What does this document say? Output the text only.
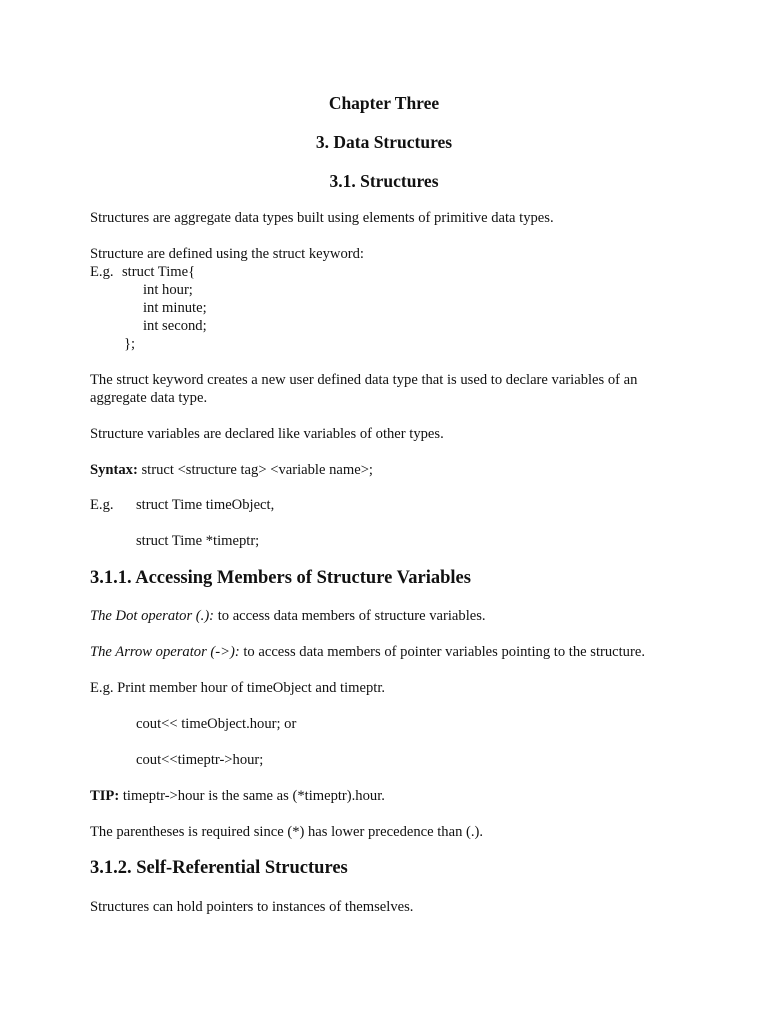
Chapter Three
3. Data Structures
3.1. Structures
Structures are aggregate data types built using elements of primitive data types.
Structure are defined using the struct keyword:
E.g. struct Time{
int hour;
int minute;
int second;
};
The struct keyword creates a new user defined data type that is used to declare variables of an
aggregate data type.
Structure variables are declared like variables of other types.
Syntax: struct <structure tag> <variable name>;
E.g. struct Time timeObject,
struct Time *timeptr;
3.1.1. Accessing Members of Structure Variables
The Dot operator (.): to access data members of structure variables.
The Arrow operator (->): to access data members of pointer variables pointing to the structure.
E.g. Print member hour of timeObject and timeptr.
cout<< timeObject.hour; or
cout<<timeptr->hour;
TIP: timeptr->hour is the same as (*timeptr).hour.
The parentheses is required since (*) has lower precedence than (.).
3.1.2. Self-Referential Structures
Structures can hold pointers to instances of themselves.
